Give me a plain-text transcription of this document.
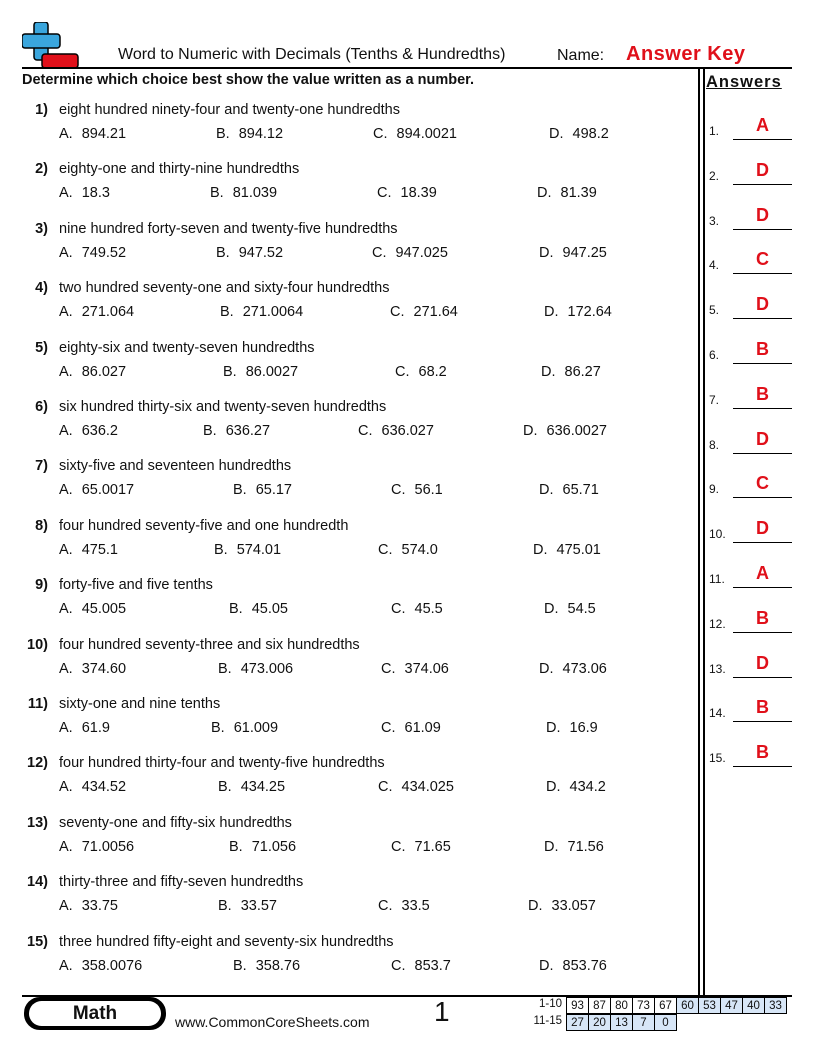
Word to Numeric with Decimals (Tenths & Hundredths)	Name: Answer Key
Determine which choice best show the value written as a number.	Answers
1) eight hundred ninety-four and twenty-one hundredths
A. 894.21	B. 894.12	C. 894.0021	D. 498.2
2) eighty-one and thirty-nine hundredths
A. 18.3	B. 81.039	C. 18.39	D. 81.39
3) nine hundred forty-seven and twenty-five hundredths
A. 749.52	B. 947.52	C. 947.025	D. 947.25
4) two hundred seventy-one and sixty-four hundredths
A. 271.064	B. 271.0064	C. 271.64	D. 172.64
5) eighty-six and twenty-seven hundredths
A. 86.027	B. 86.0027	C. 68.2	D. 86.27
6) six hundred thirty-six and twenty-seven hundredths
A. 636.2	B. 636.27	C. 636.027	D. 636.0027
7) sixty-five and seventeen hundredths
A. 65.0017	B. 65.17	C. 56.1	D. 65.71
8) four hundred seventy-five and one hundredth
A. 475.1	B. 574.01	C. 574.0	D. 475.01
9) forty-five and five tenths
A. 45.005	B. 45.05	C. 45.5	D. 54.5
10) four hundred seventy-three and six hundredths
A. 374.60	B. 473.006	C. 374.06	D. 473.06
11) sixty-one and nine tenths
A. 61.9	B. 61.009	C. 61.09	D. 16.9
12) four hundred thirty-four and twenty-five hundredths
A. 434.52	B. 434.25	C. 434.025	D. 434.2
13) seventy-one and fifty-six hundredths
A. 71.0056	B. 71.056	C. 71.65	D. 71.56
14) thirty-three and fifty-seven hundredths
A. 33.75	B. 33.57	C. 33.5	D. 33.057
15) three hundred fifty-eight and seventy-six hundredths
A. 358.0076	B. 358.76	C. 853.7	D. 853.76
1.	A
2.	D
3.	D
4.	C
5.	D
6.	B
7.	B
8.	D
9.	C
10.	D
11.	A
12.	B
13.	D
14.	B
15.	B
Math	www.CommonCoreSheets.com 1	1-10 93	87	80	73	67	60	53	47	40	33
11-15 27	20	13	7	0
